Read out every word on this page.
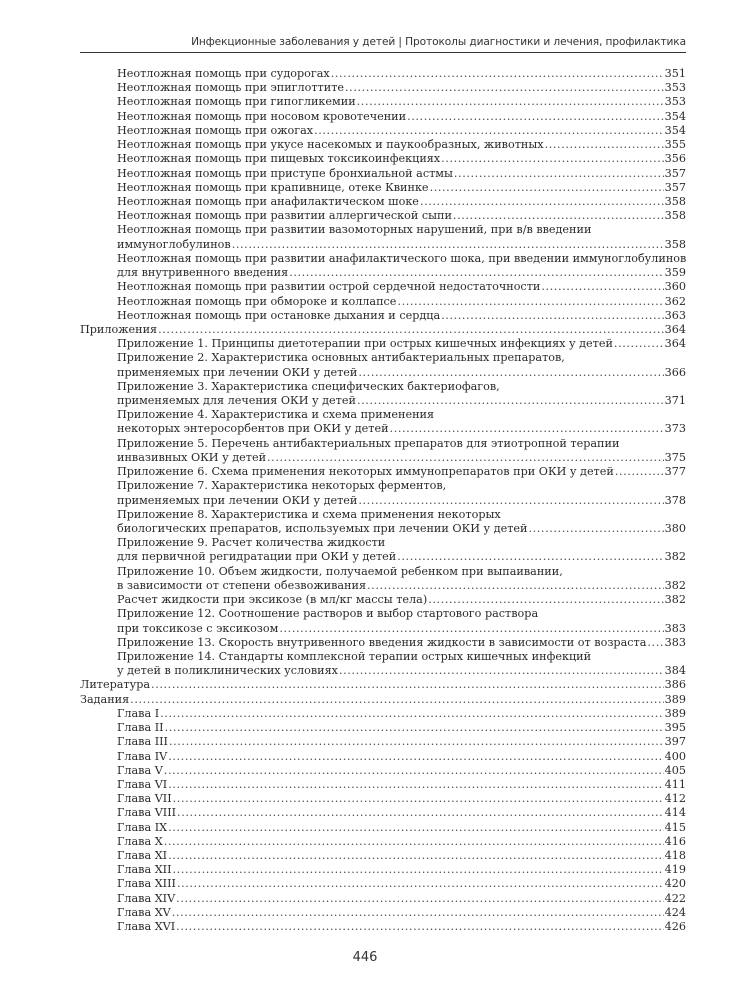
Инфекционные заболевания у детей | Протоколы диагностики и лечения, профилактика
Неотложная помощь при судорогах .....	351
Неотложная помощь при эпиглоттите .....	353
Неотложная помощь при гипогликемии .....	353
Неотложная помощь при носовом кровотечении .....	354
Неотложная помощь при ожогах .....	354
Неотложная помощь при укусе насекомых и паукообразных, животных .....	355
Неотложная помощь при пищевых токсикоинфекциях .....	356
Неотложная помощь при приступе бронхиальной астмы .....	357
Неотложная помощь при крапивнице, отеке Квинке .....	357
Неотложная помощь при анафилактическом шоке .....	358
Неотложная помощь при развитии аллергической сыпи .....	358
Неотложная помощь при развитии вазомоторных нарушений, при в/в введении
иммуноглобулинов .....	358
Неотложная помощь при развитии анафилактического шока, при введении иммуноглобулинов
для внутривенного введения .....	359
Неотложная помощь при развитии острой сердечной недостаточности .....	360
Неотложная помощь при обмороке и коллапсе .....	362
Неотложная помощь при остановке дыхания и сердца .....	363
Приложения .....	364
Приложение 1. Принципы диетотерапии при острых кишечных инфекциях у детей .....	364
Приложение 2. Характеристика основных антибактериальных препаратов,
применяемых при лечении ОКИ у детей .....	366
Приложение 3. Характеристика специфических бактериофагов,
применяемых для лечения ОКИ у детей .....	371
Приложение 4. Характеристика и схема применения
некоторых энтеросорбентов при ОКИ у детей .....	373
Приложение 5. Перечень антибактериальных препаратов для этиотропной терапии
инвазивных ОКИ у детей .....	375
Приложение 6. Схема применения некоторых иммунопрепаратов при ОКИ у детей .....	377
Приложение 7. Характеристика некоторых ферментов,
применяемых при лечении ОКИ у детей .....	378
Приложение 8. Характеристика и схема применения некоторых
биологических препаратов, используемых при лечении ОКИ у детей .....	380
Приложение 9. Расчет количества жидкости
для первичной регидратации при ОКИ у детей .....	382
Приложение 10. Объем жидкости, получаемой ребенком при выпаивании,
в зависимости от степени обезвоживания .....	382
Расчет жидкости при эксикозе (в мл/кг массы тела) .....	382
Приложение 12. Соотношение растворов и выбор стартового раствора
при токсикозе с эксикозом .....	383
Приложение 13. Скорость внутривенного введения жидкости в зависимости от возраста ..... 383
Приложение 14. Стандарты комплексной терапии острых кишечных инфекций
у детей в поликлинических условиях .....	384
Литература .....	386
Задания .....	389
Глава I .....	389
Глава II .....	395
Глава III .....	397
Глава IV .....	400
Глава V .....	405
Глава VI .....	411
Глава VII .....	412
Глава VIII .....	414
Глава IX .....	415
Глава X .....	416
Глава XI .....	418
Глава XII .....	419
Глава XIII .....	420
Глава XIV .....	422
Глава XV .....	424
Глава XVI .....	426
446
